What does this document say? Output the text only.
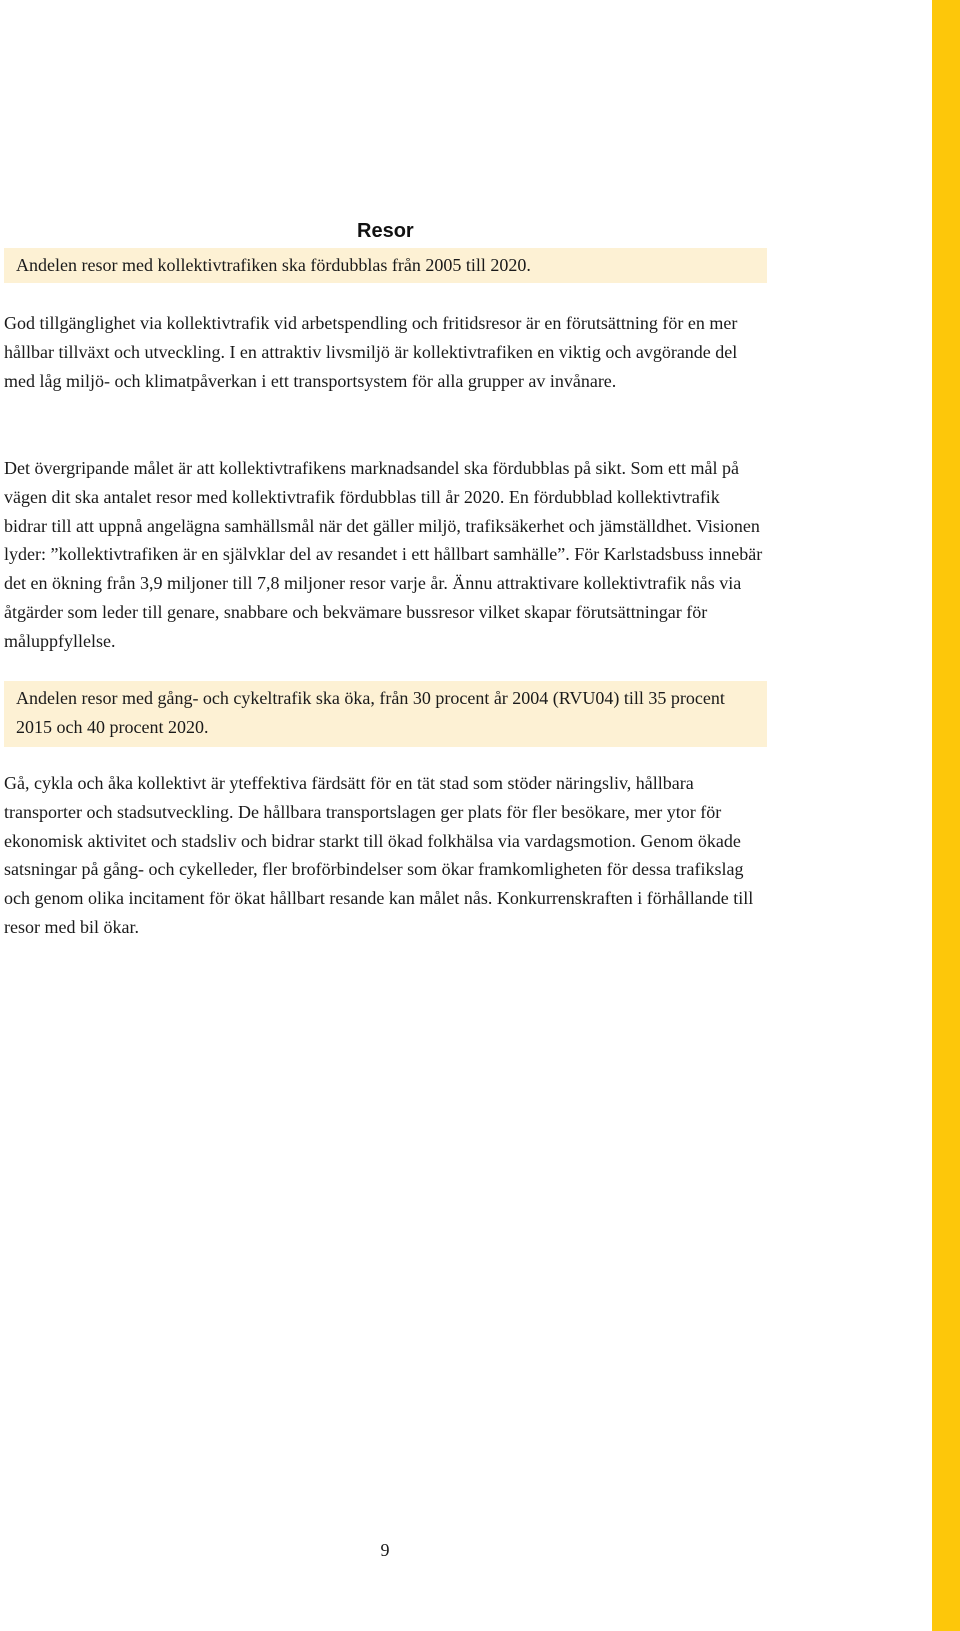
Resor
Andelen resor med kollektivtrafiken ska fördubblas från 2005 till 2020.

God tillgänglighet via kollektivtrafik vid arbetspendling och fritidsresor är en förutsättning för en mer hållbar tillväxt och utveckling. I en attraktiv livsmiljö är kollektivtrafiken en viktig och avgörande del med låg miljö- och klimatpåverkan i ett transportsystem för alla grupper av invånare.

Det övergripande målet är att kollektivtrafikens marknadsandel ska fördubblas på sikt. Som ett mål på vägen dit ska antalet resor med kollektivtrafik fördubblas till år 2020. En fördubblad kollektivtrafik bidrar till att uppnå angelägna samhällsmål när det gäller miljö, trafiksäkerhet och jämställdhet. Visionen lyder: ”kollektivtrafiken är en självklar del av resandet i ett hållbart samhälle”. För Karlstadsbuss innebär det en ökning från 3,9 miljoner till 7,8 miljoner resor varje år. Ännu attraktivare kollektivtrafik nås via åtgärder som leder till genare, snabbare och bekvämare bussresor vilket skapar förutsättningar för måluppfyllelse.

Andelen resor med gång- och cykeltrafik ska öka, från 30 procent år 2004 (RVU04) till 35 procent 2015 och 40 procent 2020.

Gå, cykla och åka kollektivt är yteffektiva färdsätt för en tät stad som stöder näringsliv, hållbara transporter och stadsutveckling. De hållbara transportslagen ger plats för fler besökare, mer ytor för ekonomisk aktivitet och stadsliv och bidrar starkt till ökad folkhälsa via vardagsmotion. Genom ökade satsningar på gång- och cykelleder, fler broförbindelser som ökar framkomligheten för dessa trafikslag och genom olika incitament för ökat hållbart resande kan målet nås. Konkurrenskraften i förhållande till resor med bil ökar.

9
